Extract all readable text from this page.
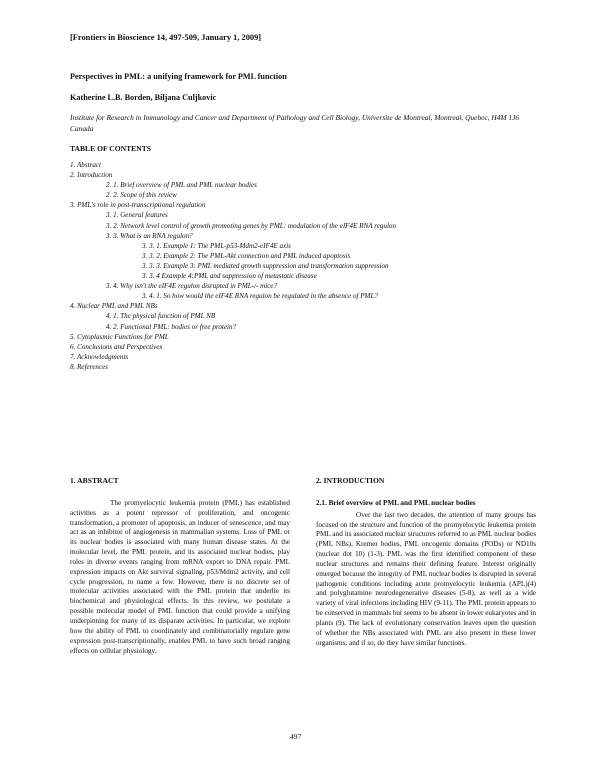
[Frontiers in Bioscience 14, 497-509, January 1, 2009]
Perspectives in PML: a unifying framework for PML function
Katherine L.B. Borden, Biljana Culjkovic
Institute for Research in Immunology and Cancer and Department of Pathology and Cell Biology, Universite de Montreal, Montreal, Quebec, H4M 1J6 Canada
TABLE OF CONTENTS
1. Abstract
2. Introduction
2. 1. Brief overview of PML and PML nuclear bodies
2. 2. Scope of this review
3. PML's role in post-transcriptional regulation
3. 1. General features
3. 2. Network level control of growth promoting genes by PML: modulation of the eIF4E RNA regulon
3. 3. What is an RNA regulon?
3. 3. 1. Example 1: The PML-p53-Mdm2-eIF4E axis
3. 3. 2. Example 2: The PML-Akt connection and PML induced apoptosis
3. 3. 3. Example 3: PML mediated growth suppression and transformation suppression
3. 3. 4 Example 4:PML and suppression of metastatic disease
3. 4. Why isn't the eIF4E regulon disrupted in PML-/- mice?
3. 4. 1. So how would the eIF4E RNA regulon be regulated in the absence of PML?
4. Nuclear PML and PML NBs
4. 1. The physical function of PML NB
4. 2. Functional PML: bodies or free protein?
5. Cytoplasmic Functions for PML
6. Conclusions and Perspectives
7. Acknowledgments
8. References
1. ABSTRACT

The promyelocytic leukemia protein (PML) has established activities as a potent repressor of proliferation, and oncogenic transformation, a promoter of apoptosis, an inducer of senescence, and may act as an inhibitor of angiogenesis in mammalian systems. Loss of PML or its nuclear bodies is associated with many human disease states. At the molecular level, the PML protein, and its associated nuclear bodies, play roles in diverse events ranging from mRNA export to DNA repair. PML expression impacts on Akt survival signaling, p53/Mdm2 activity, and cell cycle progression, to name a few. However, there is no discrete set of molecular activities associated with the PML protein that underlie its biochemical and physiological effects. In this review, we postulate a possible molecular model of PML function that could provide a unifying underpinning for many of its disparate activities. In particular, we explore how the ability of PML to coordinately and combinatorially regulate gene expression post-transcriptionally, enables PML to have such broad ranging effects on cellular physiology.

2. INTRODUCTION
2.1. Brief overview of PML and PML nuclear bodies

Over the last two decades, the attention of many groups has focused on the structure and function of the promyelocytic leukemia protein PML and its associated nuclear structures referred to as PML nuclear bodies (PML NBs), Kremer bodies, PML oncogenic domains (PODs) or ND10s (nuclear dot 10) (1-3). PML was the first identified component of these nuclear structures and remains their defining feature. Interest originally emerged because the integrity of PML nuclear bodies is disrupted in several pathogenic conditions including acute promyelocytic leukemia (APL)(4) and polyglutamine neurodegenerative diseases (5-8), as well as a wide variety of viral infections including HIV (9-11). The PML protein appears to be conserved in mammals but seems to be absent in lower eukaryotes and in plants (9). The lack of evolutionary conservation leaves open the question of whether the NBs associated with PML are also present in these lower organisms, and if so, do they have similar functions.

497
